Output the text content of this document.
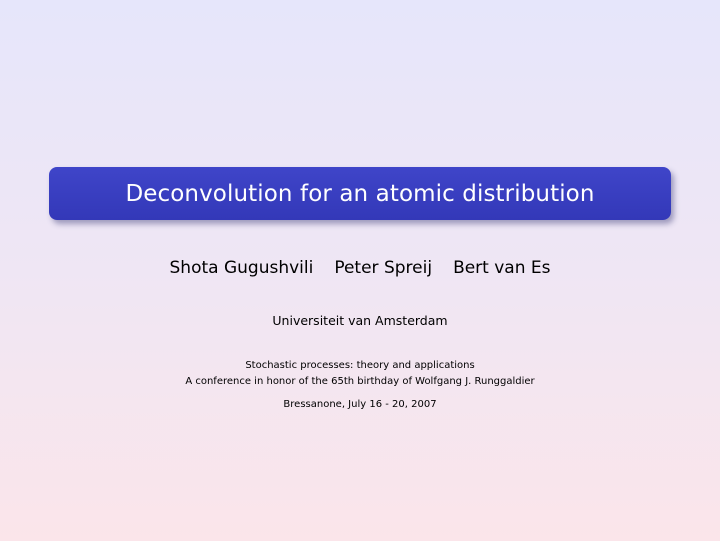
Deconvolution for an atomic distribution
Shota Gugushvili Peter Spreij Bert van Es
Universiteit van Amsterdam
Stochastic processes: theory and applications
A conference in honor of the 65th birthday of Wolfgang J. Runggaldier
Bressanone, July 16 - 20, 2007
